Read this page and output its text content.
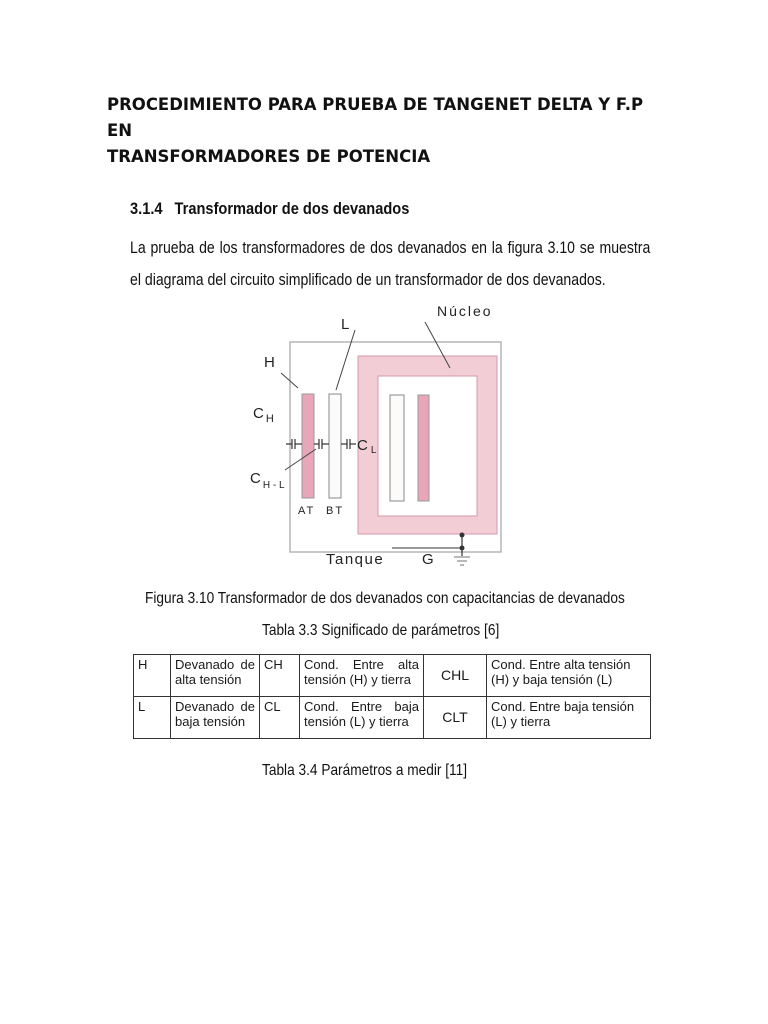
PROCEDIMIENTO PARA PRUEBA DE TANGENET DELTA Y F.P EN
TRANSFORMADORES DE POTENCIA
3.1.4 Transformador de dos devanados
La prueba de los transformadores de dos devanados en la figura 3.10 se muestra el diagrama del circuito simplificado de un transformador de dos devanados.
Núcleo
L
H
C $_H$
C $_{H - L}$
C $_L$
AT BT
Tanque	G
Figura 3.10 Transformador de dos devanados con capacitancias de devanados
Tabla 3.3 Significado de parámetros [6]
H	Devanado de alta tensión	CH	Cond. Entre alta tensión (H) y tierra	CHL	Cond. Entre alta tensión (H) y baja tensión (L)
L	Devanado de baja tensión	CL	Cond. Entre baja tensión (L) y tierra	CLT	Cond. Entre baja tensión (L) y tierra
Tabla 3.4 Parámetros a medir [11]
